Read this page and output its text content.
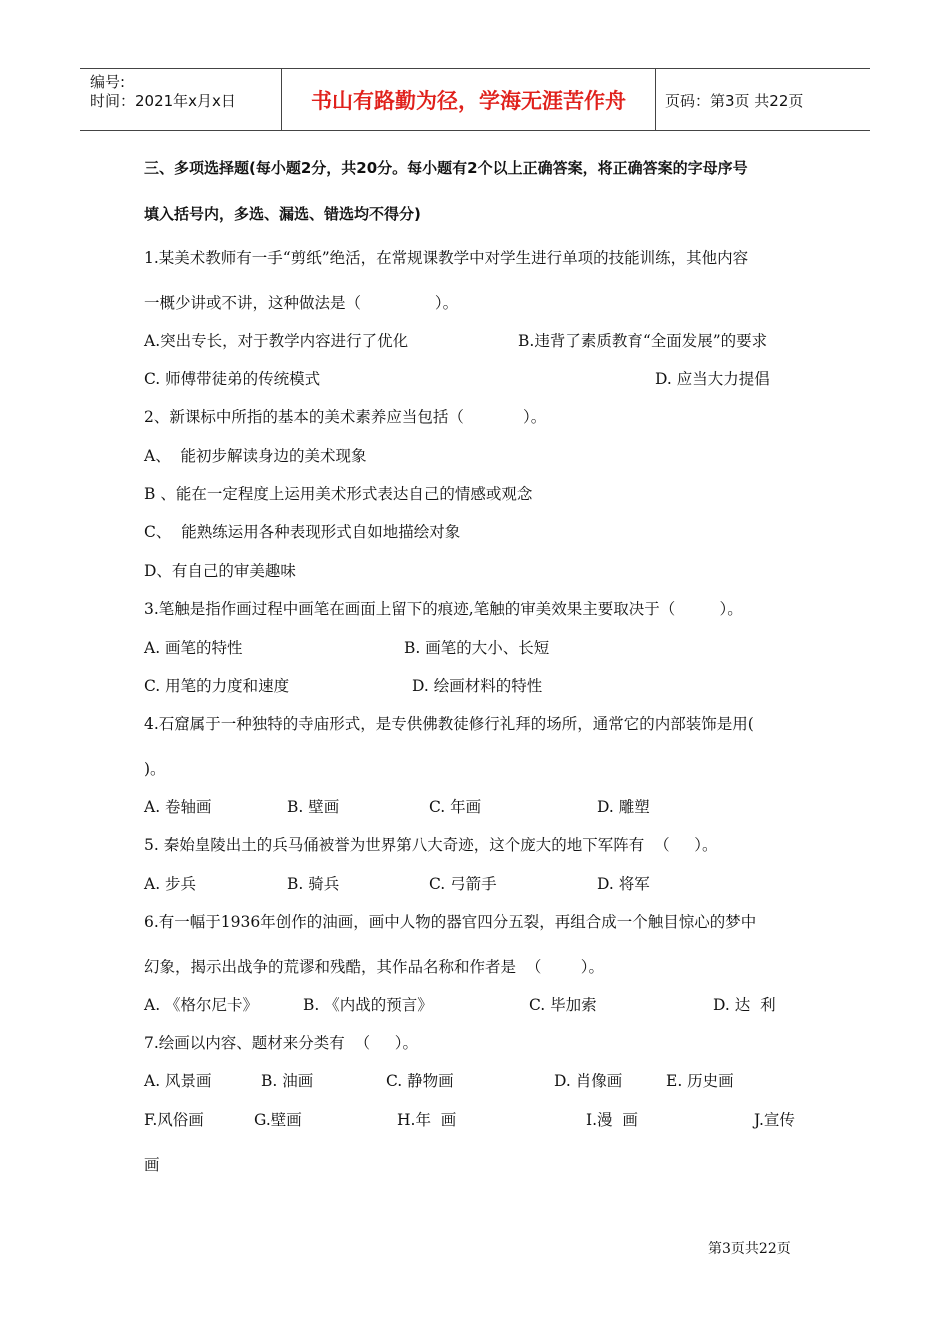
编号:
时间：2021年x月x日	书山有路勤为径，学海无涯苦作舟	页码：第3页 共22页
三、多项选择题(每小题2分，共20分。每小题有2个以上正确答案，将正确答案的字母序号
填入括号内，多选、漏选、错选均不得分)
1.某美术教师有一手“剪纸”绝活，在常规课教学中对学生进行单项的技能训练，其他内容
一概少讲或不讲，这种做法是（               ）。
A.突出专长，对于教学内容进行了优化	B.违背了素质教育“全面发展”的要求
C. 师傅带徒弟的传统模式	D. 应当大力提倡
2、新课标中所指的基本的美术素养应当包括（            ）。
A、  能初步解读身边的美术现象
B 、能在一定程度上运用美术形式表达自己的情感或观念
C、  能熟练运用各种表现形式自如地描绘对象
D、有自己的审美趣味
3.笔触是指作画过程中画笔在画面上留下的痕迹,笔触的审美效果主要取决于（         ）。
A. 画笔的特性	B. 画笔的大小、长短
C. 用笔的力度和速度	D. 绘画材料的特性
4.石窟属于一种独特的寺庙形式，是专供佛教徒修行礼拜的场所，通常它的内部装饰是用(
)。
A. 卷轴画	B. 壁画	C. 年画	D. 雕塑
5. 秦始皇陵出土的兵马俑被誉为世界第八大奇迹，这个庞大的地下军阵有  （     ）。
A. 步兵	B. 骑兵	C. 弓箭手	D. 将军
6.有一幅于1936年创作的油画，画中人物的器官四分五裂，再组合成一个触目惊心的梦中
幻象，揭示出战争的荒谬和残酷，其作品名称和作者是  （        ）。
A. 《格尔尼卡》	B. 《内战的预言》	C. 毕加索	D. 达  利
7.绘画以内容、题材来分类有  （     ）。
A. 风景画	B. 油画	C. 静物画	D. 肖像画	E. 历史画
F.风俗画	G.壁画	H.年  画	I.漫  画	J.宣传
画
第3页共22页
